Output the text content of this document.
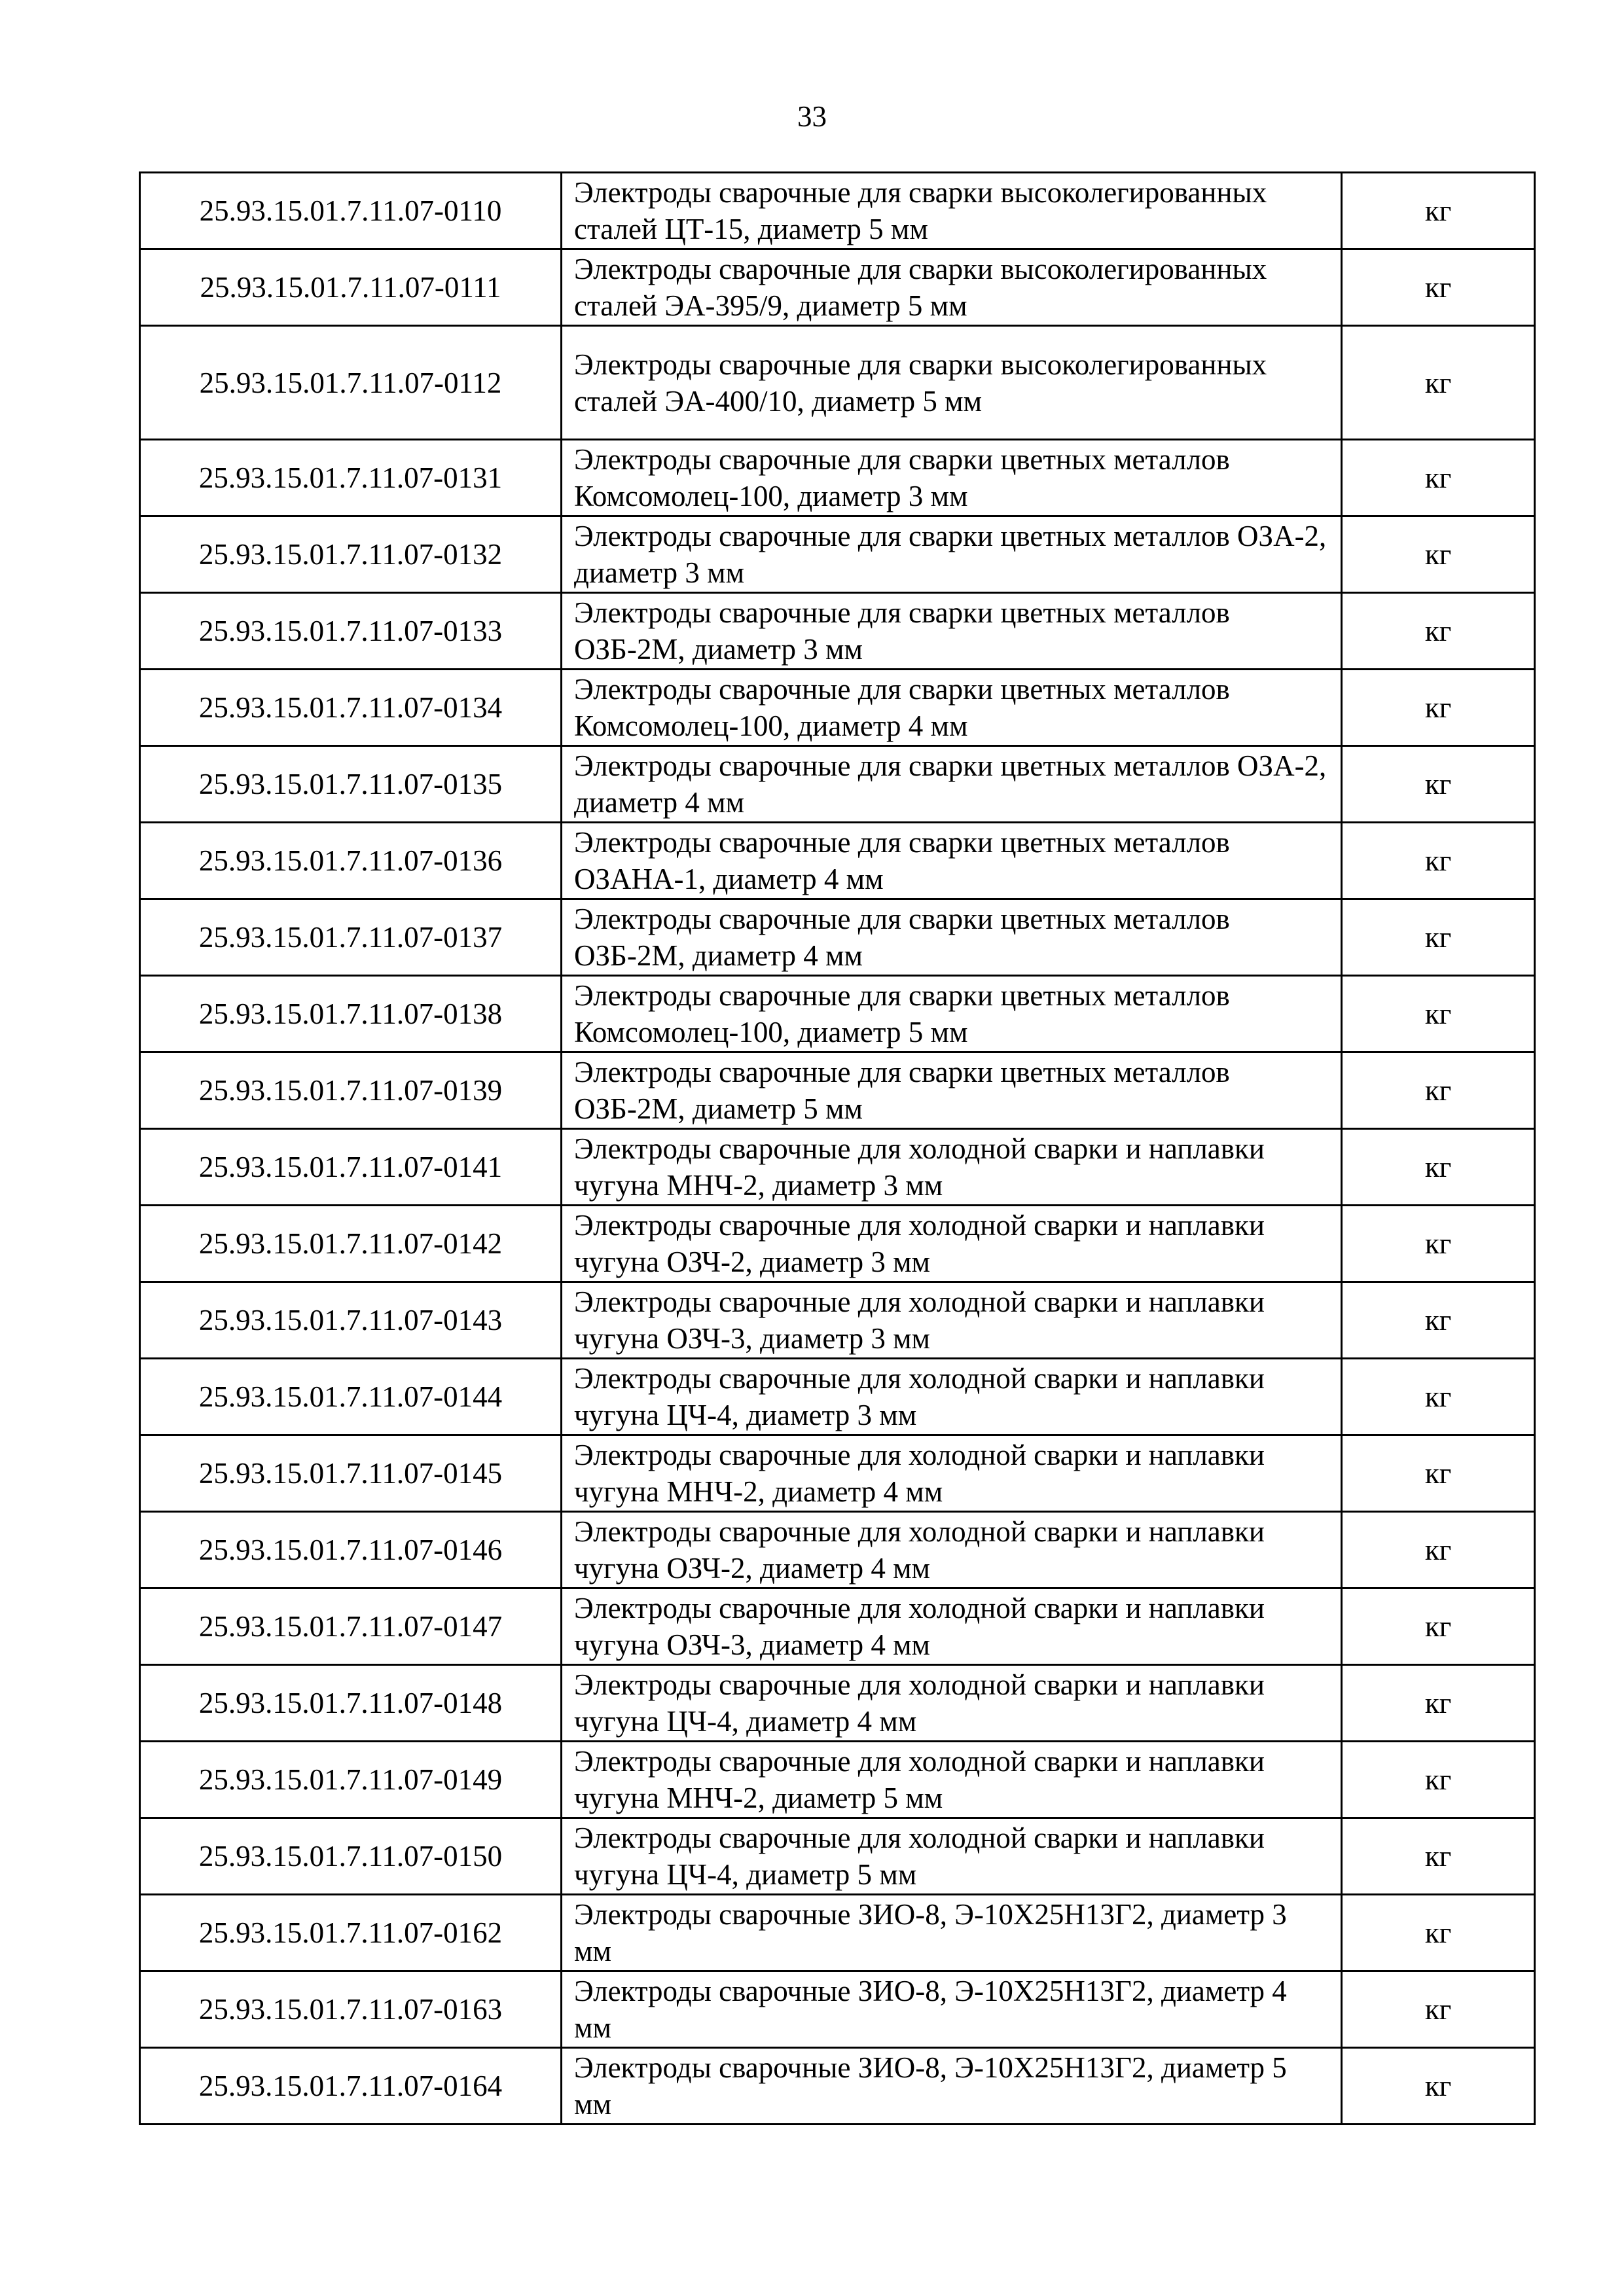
33
25.93.15.01.7.11.07-0110	Электроды сварочные для сварки высоколегированных сталей ЦТ-15, диаметр 5 мм	кг
25.93.15.01.7.11.07-0111	Электроды сварочные для сварки высоколегированных сталей ЭА-395/9, диаметр 5 мм	кг
25.93.15.01.7.11.07-0112	Электроды сварочные для сварки высоколегированных сталей ЭА-400/10, диаметр 5 мм	кг
25.93.15.01.7.11.07-0131	Электроды сварочные для сварки цветных металлов Комсомолец-100, диаметр 3 мм	кг
25.93.15.01.7.11.07-0132	Электроды сварочные для сварки цветных металлов ОЗА-2, диаметр 3 мм	кг
25.93.15.01.7.11.07-0133	Электроды сварочные для сварки цветных металлов ОЗБ-2М, диаметр 3 мм	кг
25.93.15.01.7.11.07-0134	Электроды сварочные для сварки цветных металлов Комсомолец-100, диаметр 4 мм	кг
25.93.15.01.7.11.07-0135	Электроды сварочные для сварки цветных металлов ОЗА-2, диаметр 4 мм	кг
25.93.15.01.7.11.07-0136	Электроды сварочные для сварки цветных металлов ОЗАНА-1, диаметр 4 мм	кг
25.93.15.01.7.11.07-0137	Электроды сварочные для сварки цветных металлов ОЗБ-2М, диаметр 4 мм	кг
25.93.15.01.7.11.07-0138	Электроды сварочные для сварки цветных металлов Комсомолец-100, диаметр 5 мм	кг
25.93.15.01.7.11.07-0139	Электроды сварочные для сварки цветных металлов ОЗБ-2М, диаметр 5 мм	кг
25.93.15.01.7.11.07-0141	Электроды сварочные для холодной сварки и наплавки чугуна МНЧ-2, диаметр 3 мм	кг
25.93.15.01.7.11.07-0142	Электроды сварочные для холодной сварки и наплавки чугуна ОЗЧ-2, диаметр 3 мм	кг
25.93.15.01.7.11.07-0143	Электроды сварочные для холодной сварки и наплавки чугуна ОЗЧ-3, диаметр 3 мм	кг
25.93.15.01.7.11.07-0144	Электроды сварочные для холодной сварки и наплавки чугуна ЦЧ-4, диаметр 3 мм	кг
25.93.15.01.7.11.07-0145	Электроды сварочные для холодной сварки и наплавки чугуна МНЧ-2, диаметр 4 мм	кг
25.93.15.01.7.11.07-0146	Электроды сварочные для холодной сварки и наплавки чугуна ОЗЧ-2, диаметр 4 мм	кг
25.93.15.01.7.11.07-0147	Электроды сварочные для холодной сварки и наплавки чугуна ОЗЧ-3, диаметр 4 мм	кг
25.93.15.01.7.11.07-0148	Электроды сварочные для холодной сварки и наплавки чугуна ЦЧ-4, диаметр 4 мм	кг
25.93.15.01.7.11.07-0149	Электроды сварочные для холодной сварки и наплавки чугуна МНЧ-2, диаметр 5 мм	кг
25.93.15.01.7.11.07-0150	Электроды сварочные для холодной сварки и наплавки чугуна ЦЧ-4, диаметр 5 мм	кг
25.93.15.01.7.11.07-0162	Электроды сварочные ЗИО-8, Э-10Х25Н13Г2, диаметр 3 мм	кг
25.93.15.01.7.11.07-0163	Электроды сварочные ЗИО-8, Э-10Х25Н13Г2, диаметр 4 мм	кг
25.93.15.01.7.11.07-0164	Электроды сварочные ЗИО-8, Э-10Х25Н13Г2, диаметр 5 мм	кг
